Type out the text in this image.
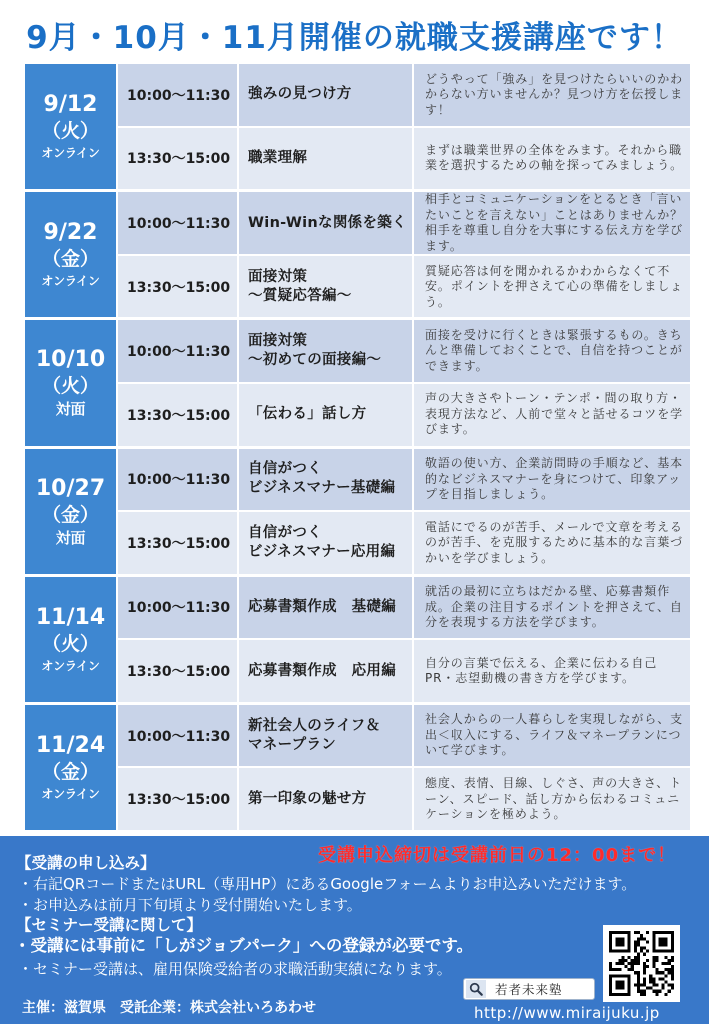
9月・10月・11月開催の就職支援講座です！
9/12
（火）
オンライン
10:00〜11:30 強みの見つけ方
どうやって「強み」を見つけたらいいのかわからない方いませんか？見つけ方を伝授します！
13:30〜15:00 職業理解	まずは職業世界の全体をみます。それから職業を選択するための軸を探ってみましょう。
9/22
（金）
オンライン
10:00〜11:30 Win-Winな関係を築く
相手とコミュニケーションをとるとき「言いたいことを言えない」ことはありませんか？相手を尊重し自分を大事にする伝え方を学びます。
13:30〜15:00
面接対策
〜質疑応答編〜
質疑応答は何を聞かれるかわからなくて不安。ポイントを押さえて心の準備をしましょう。
10/10
（火）
対面
10:00〜11:30
面接対策
〜初めての面接編〜
面接を受けに行くときは緊張するもの。きちんと準備しておくことで、自信を持つことができます。
13:30〜15:00 「伝わる」話し方
声の大きさやトーン・テンポ・間の取り方・表現方法など、人前で堂々と話せるコツを学びます。
10/27
（金）
対面
10:00〜11:30
自信がつく
ビジネスマナー基礎編
敬語の使い方、企業訪問時の手順など、基本的なビジネスマナーを身につけて、印象アップを目指しましょう。
13:30〜15:00
自信がつく
ビジネスマナー応用編
電話にでるのが苦手、メールで文章を考えるのが苦手、を克服するために基本的な言葉づかいを学びましょう。
11/14
（火）
オンライン
10:00〜11:30 応募書類作成　基礎編
就活の最初に立ちはだかる壁、応募書類作成。企業の注目するポイントを押さえて、自分を表現する方法を学びます。
13:30〜15:00 応募書類作成　応用編 自分の言葉で伝える、企業に伝わる自己PR・志望動機の書き方を学びます。
11/24
（金）
オンライン
10:00〜11:30
新社会人のライフ＆
マネープラン
社会人からの一人暮らしを実現しながら、支出＜収入にする、ライフ＆マネープランについて学びます。
13:30〜15:00 第一印象の魅せ方
態度、表情、目線、しぐさ、声の大きさ、トーン、スピード、話し方から伝わるコミュニケーションを極めよう。
受講申込締切は受講前日の12：00まで！
【受講の申し込み】
・右記QRコードまたはURL（専用HP）にあるGoogleフォームよりお申込みいただけます。
・お申込みは前月下旬頃より受付開始いたします。
【セミナー受講に関して】
・受講には事前に「しがジョブパーク」への登録が必要です。
・セミナー受講は、雇用保険受給者の求職活動実績になります。
主催：滋賀県　受託企業：株式会社いろあわせ
若者未来塾
http://www.miraijuku.jp
